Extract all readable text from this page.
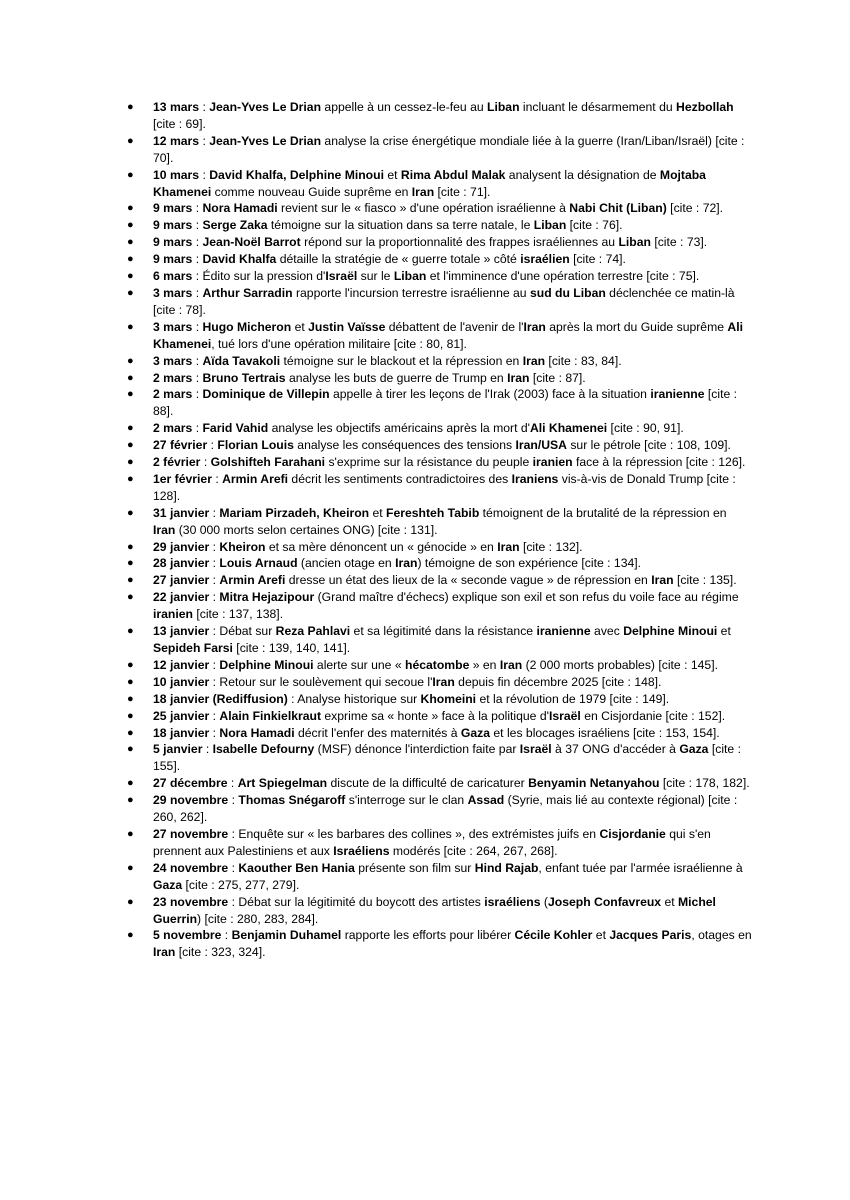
● 13 mars : Jean-Yves Le Drian appelle à un cessez-le-feu au Liban incluant le désarmement du Hezbollah [cite : 69].
● 12 mars : Jean-Yves Le Drian analyse la crise énergétique mondiale liée à la guerre (Iran/Liban/Israël) [cite : 70].
● 10 mars : David Khalfa, Delphine Minoui et Rima Abdul Malak analysent la désignation de Mojtaba Khamenei comme nouveau Guide suprême en Iran [cite : 71].
● 9 mars : Nora Hamadi revient sur le « fiasco » d'une opération israélienne à Nabi Chit (Liban) [cite : 72].
● 9 mars : Serge Zaka témoigne sur la situation dans sa terre natale, le Liban [cite : 76].
● 9 mars : Jean-Noël Barrot répond sur la proportionnalité des frappes israéliennes au Liban [cite : 73].
● 9 mars : David Khalfa détaille la stratégie de « guerre totale » côté israélien [cite : 74].
● 6 mars : Édito sur la pression d'Israël sur le Liban et l'imminence d'une opération terrestre [cite : 75].
● 3 mars : Arthur Sarradin rapporte l'incursion terrestre israélienne au sud du Liban déclenchée ce matin-là [cite : 78].
● 3 mars : Hugo Micheron et Justin Vaïsse débattent de l'avenir de l'Iran après la mort du Guide suprême Ali Khamenei, tué lors d'une opération militaire [cite : 80, 81].
● 3 mars : Aïda Tavakoli témoigne sur le blackout et la répression en Iran [cite : 83, 84].
● 2 mars : Bruno Tertrais analyse les buts de guerre de Trump en Iran [cite : 87].
● 2 mars : Dominique de Villepin appelle à tirer les leçons de l'Irak (2003) face à la situation iranienne [cite : 88].
● 2 mars : Farid Vahid analyse les objectifs américains après la mort d'Ali Khamenei [cite : 90, 91].
● 27 février : Florian Louis analyse les conséquences des tensions Iran/USA sur le pétrole [cite : 108, 109].
● 2 février : Golshifteh Farahani s'exprime sur la résistance du peuple iranien face à la répression [cite : 126].
● 1er février : Armin Arefi décrit les sentiments contradictoires des Iraniens vis-à-vis de Donald Trump [cite : 128].
● 31 janvier : Mariam Pirzadeh, Kheiron et Fereshteh Tabib témoignent de la brutalité de la répression en Iran (30 000 morts selon certaines ONG) [cite : 131].
● 29 janvier : Kheiron et sa mère dénoncent un « génocide » en Iran [cite : 132].
● 28 janvier : Louis Arnaud (ancien otage en Iran) témoigne de son expérience [cite : 134].
● 27 janvier : Armin Arefi dresse un état des lieux de la « seconde vague » de répression en Iran [cite : 135].
● 22 janvier : Mitra Hejazipour (Grand maître d'échecs) explique son exil et son refus du voile face au régime iranien [cite : 137, 138].
● 13 janvier : Débat sur Reza Pahlavi et sa légitimité dans la résistance iranienne avec Delphine Minoui et Sepideh Farsi [cite : 139, 140, 141].
● 12 janvier : Delphine Minoui alerte sur une « hécatombe » en Iran (2 000 morts probables) [cite : 145].
● 10 janvier : Retour sur le soulèvement qui secoue l'Iran depuis fin décembre 2025 [cite : 148].
● 18 janvier (Rediffusion) : Analyse historique sur Khomeini et la révolution de 1979 [cite : 149].
● 25 janvier : Alain Finkielkraut exprime sa « honte » face à la politique d'Israël en Cisjordanie [cite : 152].
● 18 janvier : Nora Hamadi décrit l'enfer des maternités à Gaza et les blocages israéliens [cite : 153, 154].
● 5 janvier : Isabelle Defourny (MSF) dénonce l'interdiction faite par Israël à 37 ONG d'accéder à Gaza [cite : 155].
● 27 décembre : Art Spiegelman discute de la difficulté de caricaturer Benyamin Netanyahou [cite : 178, 182].
● 29 novembre : Thomas Snégaroff s'interroge sur le clan Assad (Syrie, mais lié au contexte régional) [cite : 260, 262].
● 27 novembre : Enquête sur « les barbares des collines », des extrémistes juifs en Cisjordanie qui s'en prennent aux Palestiniens et aux Israéliens modérés [cite : 264, 267, 268].
● 24 novembre : Kaouther Ben Hania présente son film sur Hind Rajab, enfant tuée par l'armée israélienne à Gaza [cite : 275, 277, 279].
● 23 novembre : Débat sur la légitimité du boycott des artistes israéliens (Joseph Confavreux et Michel Guerrin) [cite : 280, 283, 284].
● 5 novembre : Benjamin Duhamel rapporte les efforts pour libérer Cécile Kohler et Jacques Paris, otages en Iran [cite : 323, 324].
